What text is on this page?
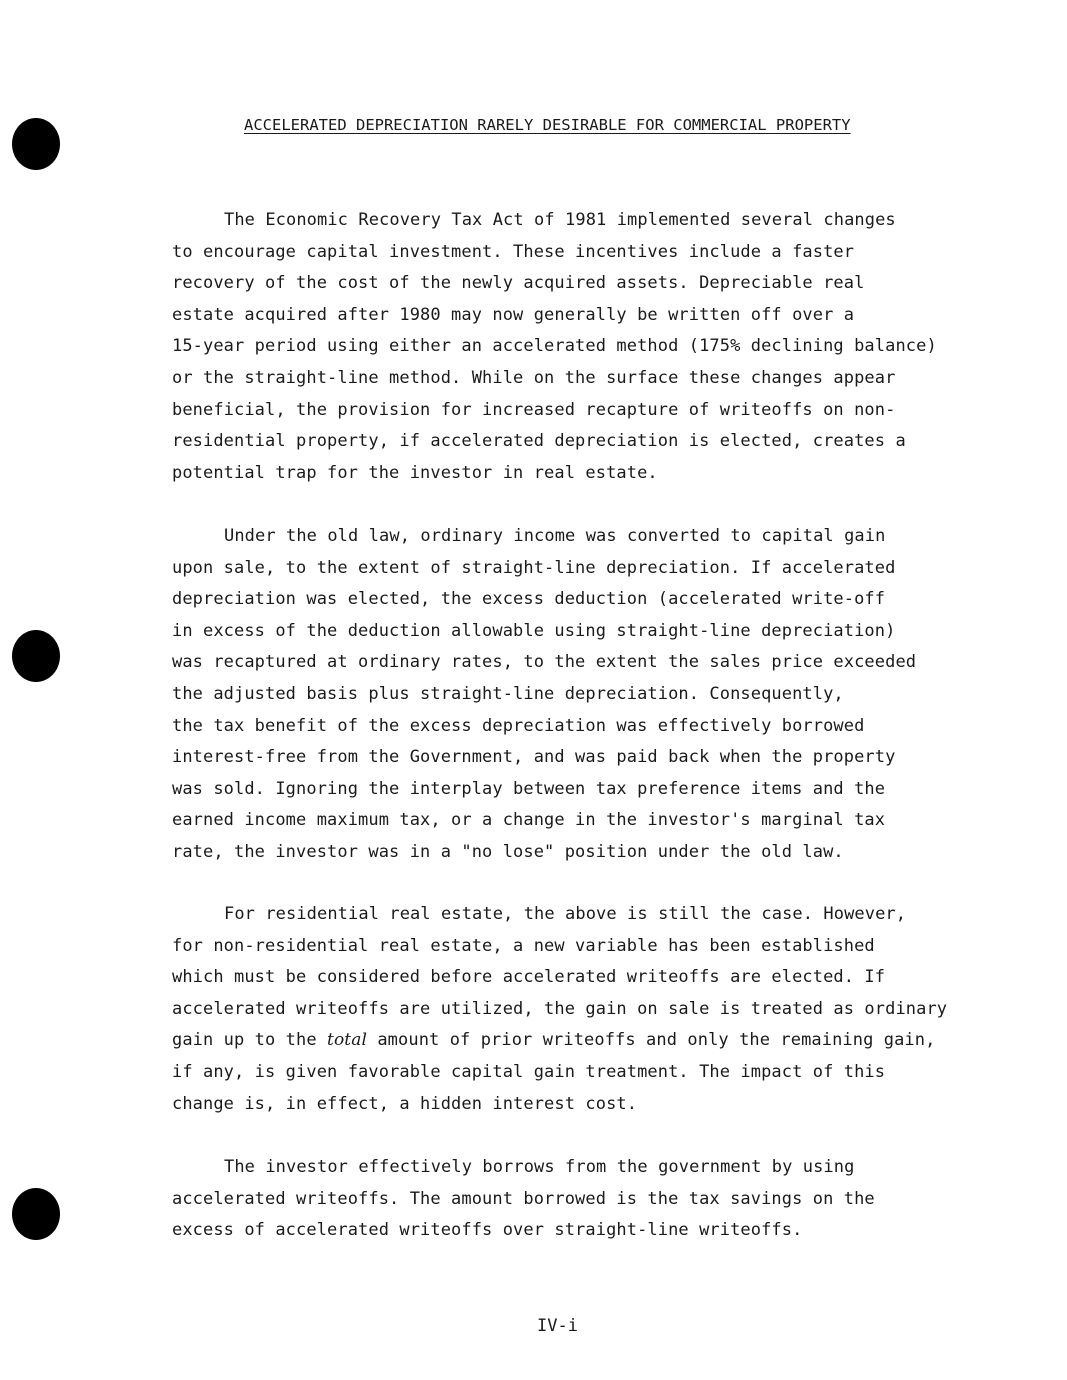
ACCELERATED DEPRECIATION RARELY DESIRABLE FOR COMMERCIAL PROPERTY

The Economic Recovery Tax Act of 1981 implemented several changes
to encourage capital investment. These incentives include a faster
recovery of the cost of the newly acquired assets. Depreciable real
estate acquired after 1980 may now generally be written off over a
15-year period using either an accelerated method (175% declining balance)
or the straight-line method. While on the surface these changes appear
beneficial, the provision for increased recapture of writeoffs on non-
residential property, if accelerated depreciation is elected, creates a
potential trap for the investor in real estate.

Under the old law, ordinary income was converted to capital gain
upon sale, to the extent of straight-line depreciation. If accelerated
depreciation was elected, the excess deduction (accelerated write-off
in excess of the deduction allowable using straight-line depreciation)
was recaptured at ordinary rates, to the extent the sales price exceeded
the adjusted basis plus straight-line depreciation. Consequently,
the tax benefit of the excess depreciation was effectively borrowed
interest-free from the Government, and was paid back when the property
was sold. Ignoring the interplay between tax preference items and the
earned income maximum tax, or a change in the investor's marginal tax
rate, the investor was in a "no lose" position under the old law.

For residential real estate, the above is still the case. However,
for non-residential real estate, a new variable has been established
which must be considered before accelerated writeoffs are elected. If
accelerated writeoffs are utilized, the gain on sale is treated as ordinary
gain up to the total amount of prior writeoffs and only the remaining gain,
if any, is given favorable capital gain treatment. The impact of this
change is, in effect, a hidden interest cost.

The investor effectively borrows from the government by using
accelerated writeoffs. The amount borrowed is the tax savings on the
excess of accelerated writeoffs over straight-line writeoffs.

IV-i
